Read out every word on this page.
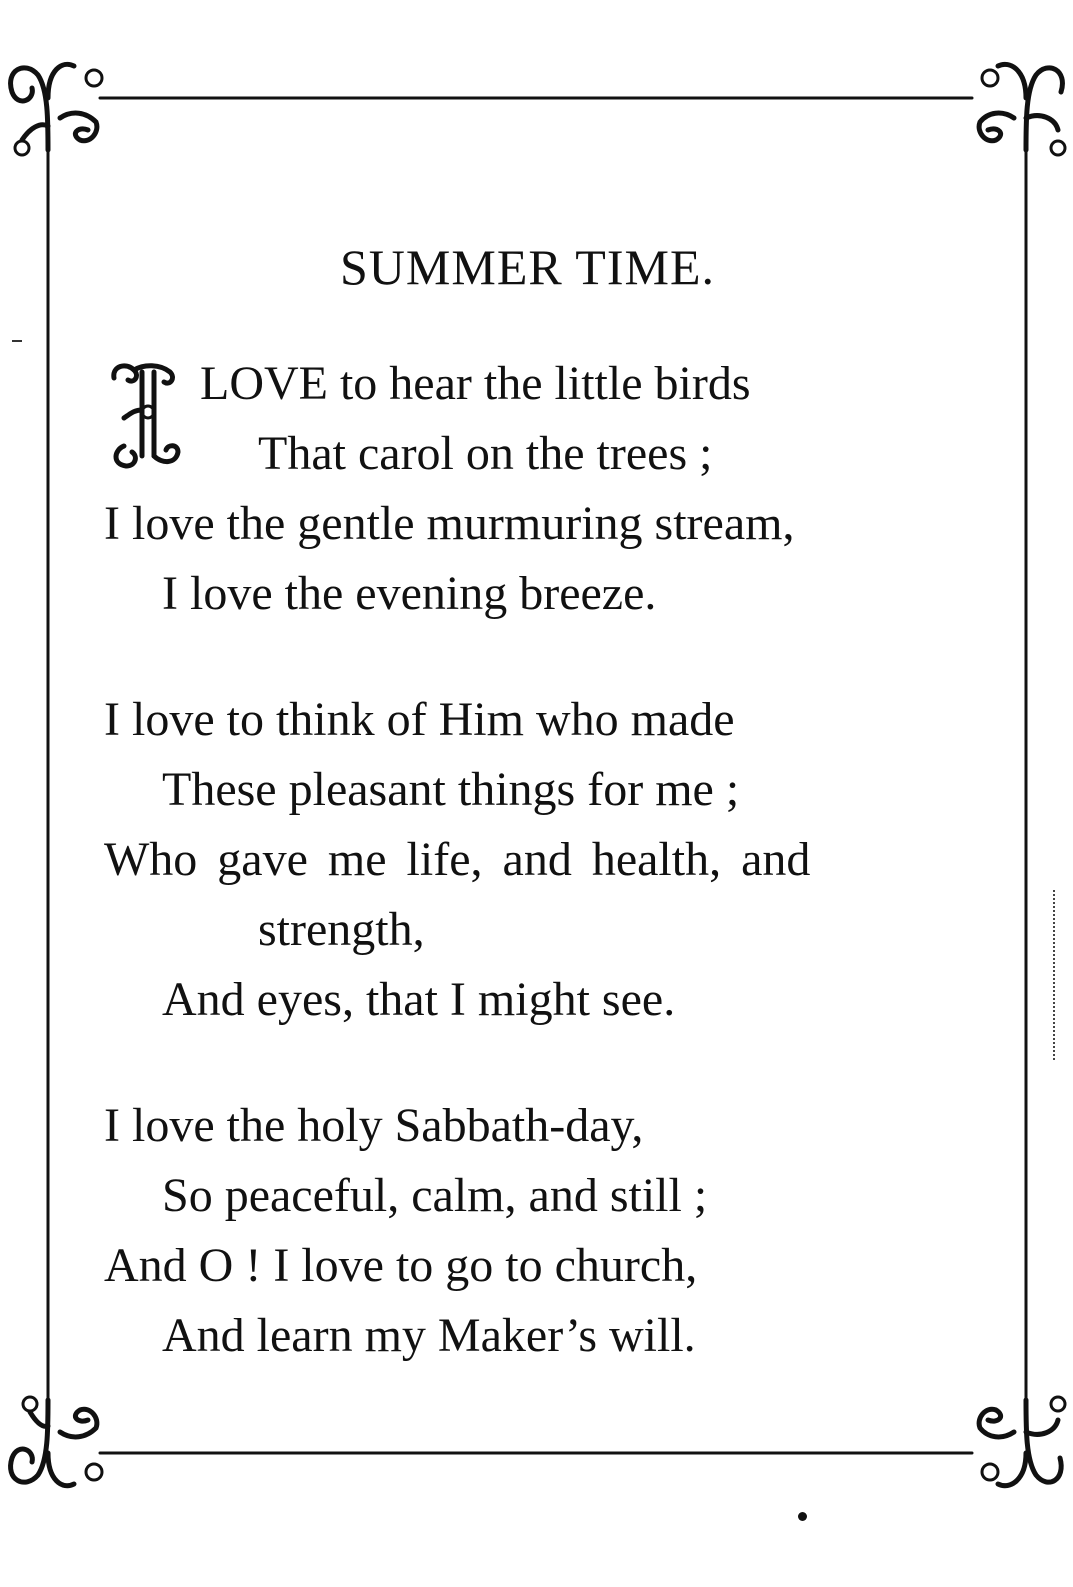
SUMMER TIME.
LOVE to hear the little birds
That carol on the trees ;
I love the gentle murmuring stream,
I love the evening breeze.
I love to think of Him who made
These pleasant things for me ;
Who gave me life, and health, and
strength,
And eyes, that I might see.
I love the holy Sabbath-day,
So peaceful, calm, and still ;
And O ! I love to go to church,
And learn my Maker’s will.
